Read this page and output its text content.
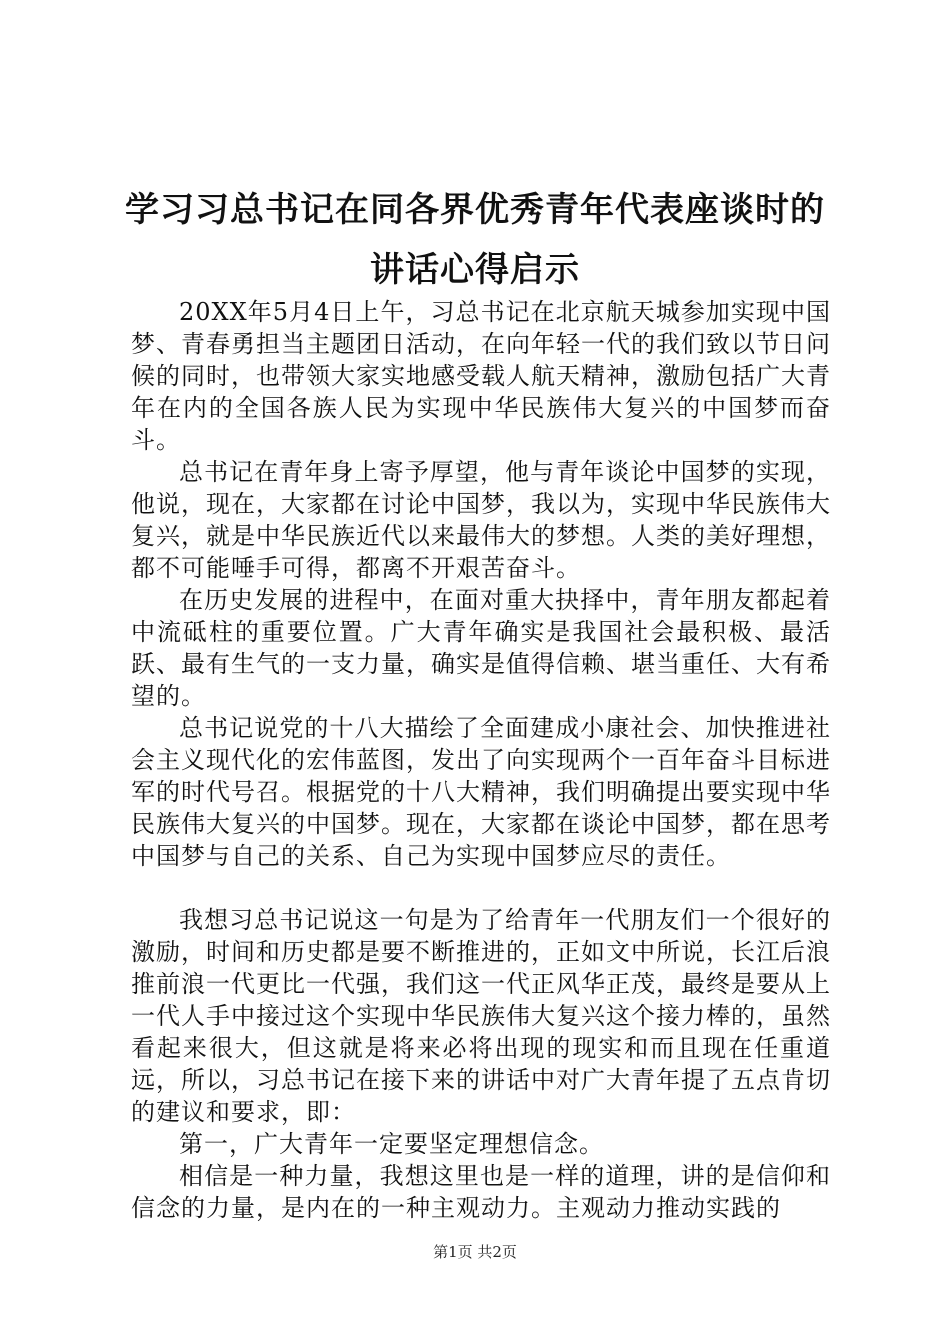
学习习总书记在同各界优秀青年代表座谈时的
讲话心得启示

20XX年5月4日上午，习总书记在北京航天城参加实现中国梦、青春勇担当主题团日活动，在向年轻一代的我们致以节日问候的同时，也带领大家实地感受载人航天精神，激励包括广大青年在内的全国各族人民为实现中华民族伟大复兴的中国梦而奋斗。

总书记在青年身上寄予厚望，他与青年谈论中国梦的实现，他说，现在，大家都在讨论中国梦，我以为，实现中华民族伟大复兴，就是中华民族近代以来最伟大的梦想。人类的美好理想，都不可能唾手可得，都离不开艰苦奋斗。

在历史发展的进程中，在面对重大抉择中，青年朋友都起着中流砥柱的重要位置。广大青年确实是我国社会最积极、最活跃、最有生气的一支力量，确实是值得信赖、堪当重任、大有希望的。

总书记说党的十八大描绘了全面建成小康社会、加快推进社会主义现代化的宏伟蓝图，发出了向实现两个一百年奋斗目标进军的时代号召。根据党的十八大精神，我们明确提出要实现中华民族伟大复兴的中国梦。现在，大家都在谈论中国梦，都在思考中国梦与自己的关系、自己为实现中国梦应尽的责任。

我想习总书记说这一句是为了给青年一代朋友们一个很好的激励，时间和历史都是要不断推进的，正如文中所说，长江后浪推前浪一代更比一代强，我们这一代正风华正茂，最终是要从上一代人手中接过这个实现中华民族伟大复兴这个接力棒的，虽然看起来很大，但这就是将来必将出现的现实和而且现在任重道远，所以，习总书记在接下来的讲话中对广大青年提了五点肯切的建议和要求，即：

第一，广大青年一定要坚定理想信念。

相信是一种力量，我想这里也是一样的道理，讲的是信仰和信念的力量，是内在的一种主观动力。主观动力推动实践的

第1页 共2页
